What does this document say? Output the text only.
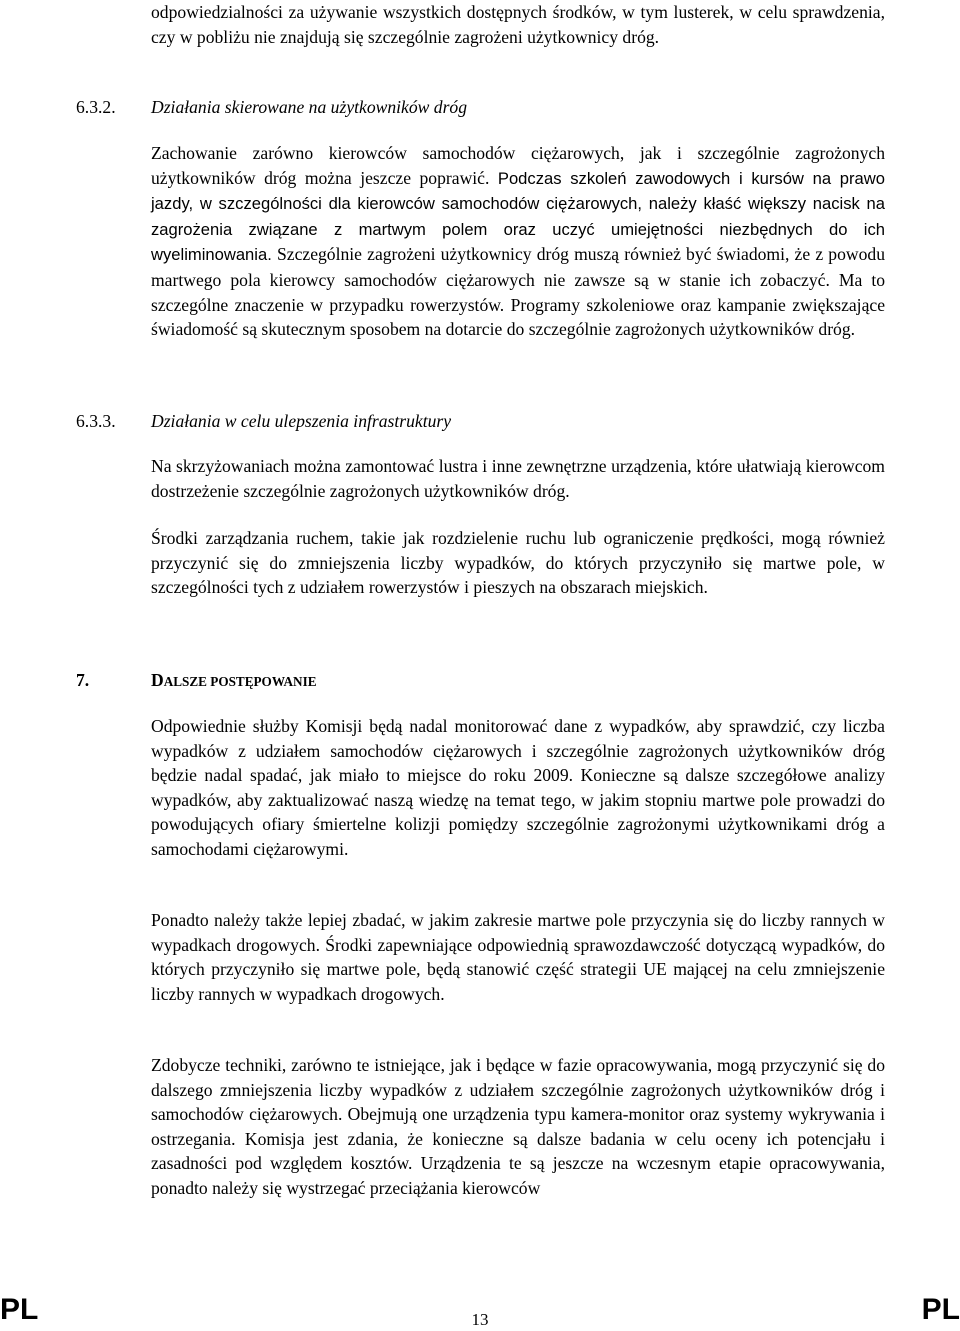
odpowiedzialności za używanie wszystkich dostępnych środków, w tym lusterek, w celu sprawdzenia, czy w pobliżu nie znajdują się szczególnie zagrożeni użytkownicy dróg.

6.3.2. Działania skierowane na użytkowników dróg

Zachowanie zarówno kierowców samochodów ciężarowych, jak i szczególnie zagrożonych użytkowników dróg można jeszcze poprawić. Podczas szkoleń zawodowych i kursów na prawo jazdy, w szczególności dla kierowców samochodów ciężarowych, należy kłaść większy nacisk na zagrożenia związane z martwym polem oraz uczyć umiejętności niezbędnych do ich wyeliminowania. Szczególnie zagrożeni użytkownicy dróg muszą również być świadomi, że z powodu martwego pola kierowcy samochodów ciężarowych nie zawsze są w stanie ich zobaczyć. Ma to szczególne znaczenie w przypadku rowerzystów. Programy szkoleniowe oraz kampanie zwiększające świadomość są skutecznym sposobem na dotarcie do szczególnie zagrożonych użytkowników dróg.

6.3.3. Działania w celu ulepszenia infrastruktury

Na skrzyżowaniach można zamontować lustra i inne zewnętrzne urządzenia, które ułatwiają kierowcom dostrzeżenie szczególnie zagrożonych użytkowników dróg.

Środki zarządzania ruchem, takie jak rozdzielenie ruchu lub ograniczenie prędkości, mogą również przyczynić się do zmniejszenia liczby wypadków, do których przyczyniło się martwe pole, w szczególności tych z udziałem rowerzystów i pieszych na obszarach miejskich.

7.	DALSZE POSTĘPOWANIE

Odpowiednie służby Komisji będą nadal monitorować dane z wypadków, aby sprawdzić, czy liczba wypadków z udziałem samochodów ciężarowych i szczególnie zagrożonych użytkowników dróg będzie nadal spadać, jak miało to miejsce do roku 2009. Konieczne są dalsze szczegółowe analizy wypadków, aby zaktualizować naszą wiedzę na temat tego, w jakim stopniu martwe pole prowadzi do powodujących ofiary śmiertelne kolizji pomiędzy szczególnie zagrożonymi użytkownikami dróg a samochodami ciężarowymi.

Ponadto należy także lepiej zbadać, w jakim zakresie martwe pole przyczynia się do liczby rannych w wypadkach drogowych. Środki zapewniające odpowiednią sprawozdawczość dotyczącą wypadków, do których przyczyniło się martwe pole, będą stanowić część strategii UE mającej na celu zmniejszenie liczby rannych w wypadkach drogowych.

Zdobycze techniki, zarówno te istniejące, jak i będące w fazie opracowywania, mogą przyczynić się do dalszego zmniejszenia liczby wypadków z udziałem szczególnie zagrożonych użytkowników dróg i samochodów ciężarowych. Obejmują one urządzenia typu kamera-monitor oraz systemy wykrywania i ostrzegania. Komisja jest zdania, że konieczne są dalsze badania w celu oceny ich potencjału i zasadności pod względem kosztów. Urządzenia te są jeszcze na wczesnym etapie opracowywania, ponadto należy się wystrzegać przeciążania kierowców

PL	13	PL
